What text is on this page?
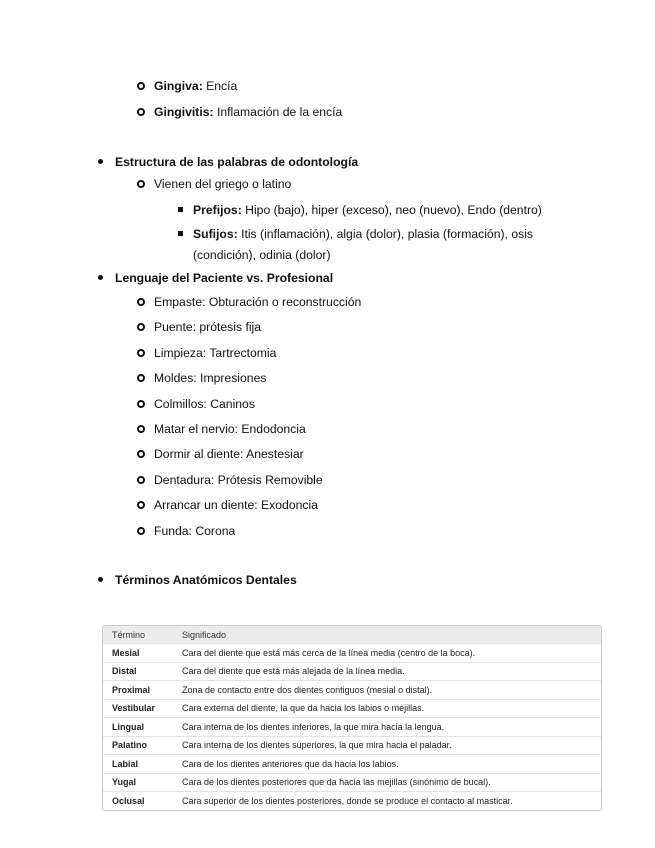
Gingiva: Encía
Gingivitis: Inflamación de la encía
Estructura de las palabras de odontología
Vienen del griego o latino
Prefijos: Hipo (bajo), hiper (exceso), neo (nuevo), Endo (dentro)
Sufijos: Itis (inflamación), algia (dolor), plasia (formación), osis
(condición), odinia (dolor)
Lenguaje del Paciente vs. Profesional
Empaste: Obturación o reconstrucción
Puente: prótesis fija
Limpieza: Tartrectomia
Moldes: Impresiones
Colmillos: Caninos
Matar el nervio: Endodoncia
Dormir al diente: Anestesiar
Dentadura: Prótesis Removible
Arrancar un diente: Exodoncia
Funda: Corona
Términos Anatómicos Dentales
Término	Significado
Mesial	Cara del diente que está más cerca de la línea media (centro de la boca).
Distal	Cara del diente que está más alejada de la línea media.
Proximal	Zona de contacto entre dos dientes contiguos (mesial o distal).
Vestibular	Cara externa del diente, la que da hacia los labios o mejillas.
Lingual	Cara interna de los dientes inferiores, la que mira hacia la lengua.
Palatino	Cara interna de los dientes superiores, la que mira hacia el paladar.
Labial	Cara de los dientes anteriores que da hacia los labios.
Yugal	Cara de los dientes posteriores que da hacia las mejillas (sinónimo de bucal).
Oclusal	Cara superior de los dientes posteriores, donde se produce el contacto al masticar.
